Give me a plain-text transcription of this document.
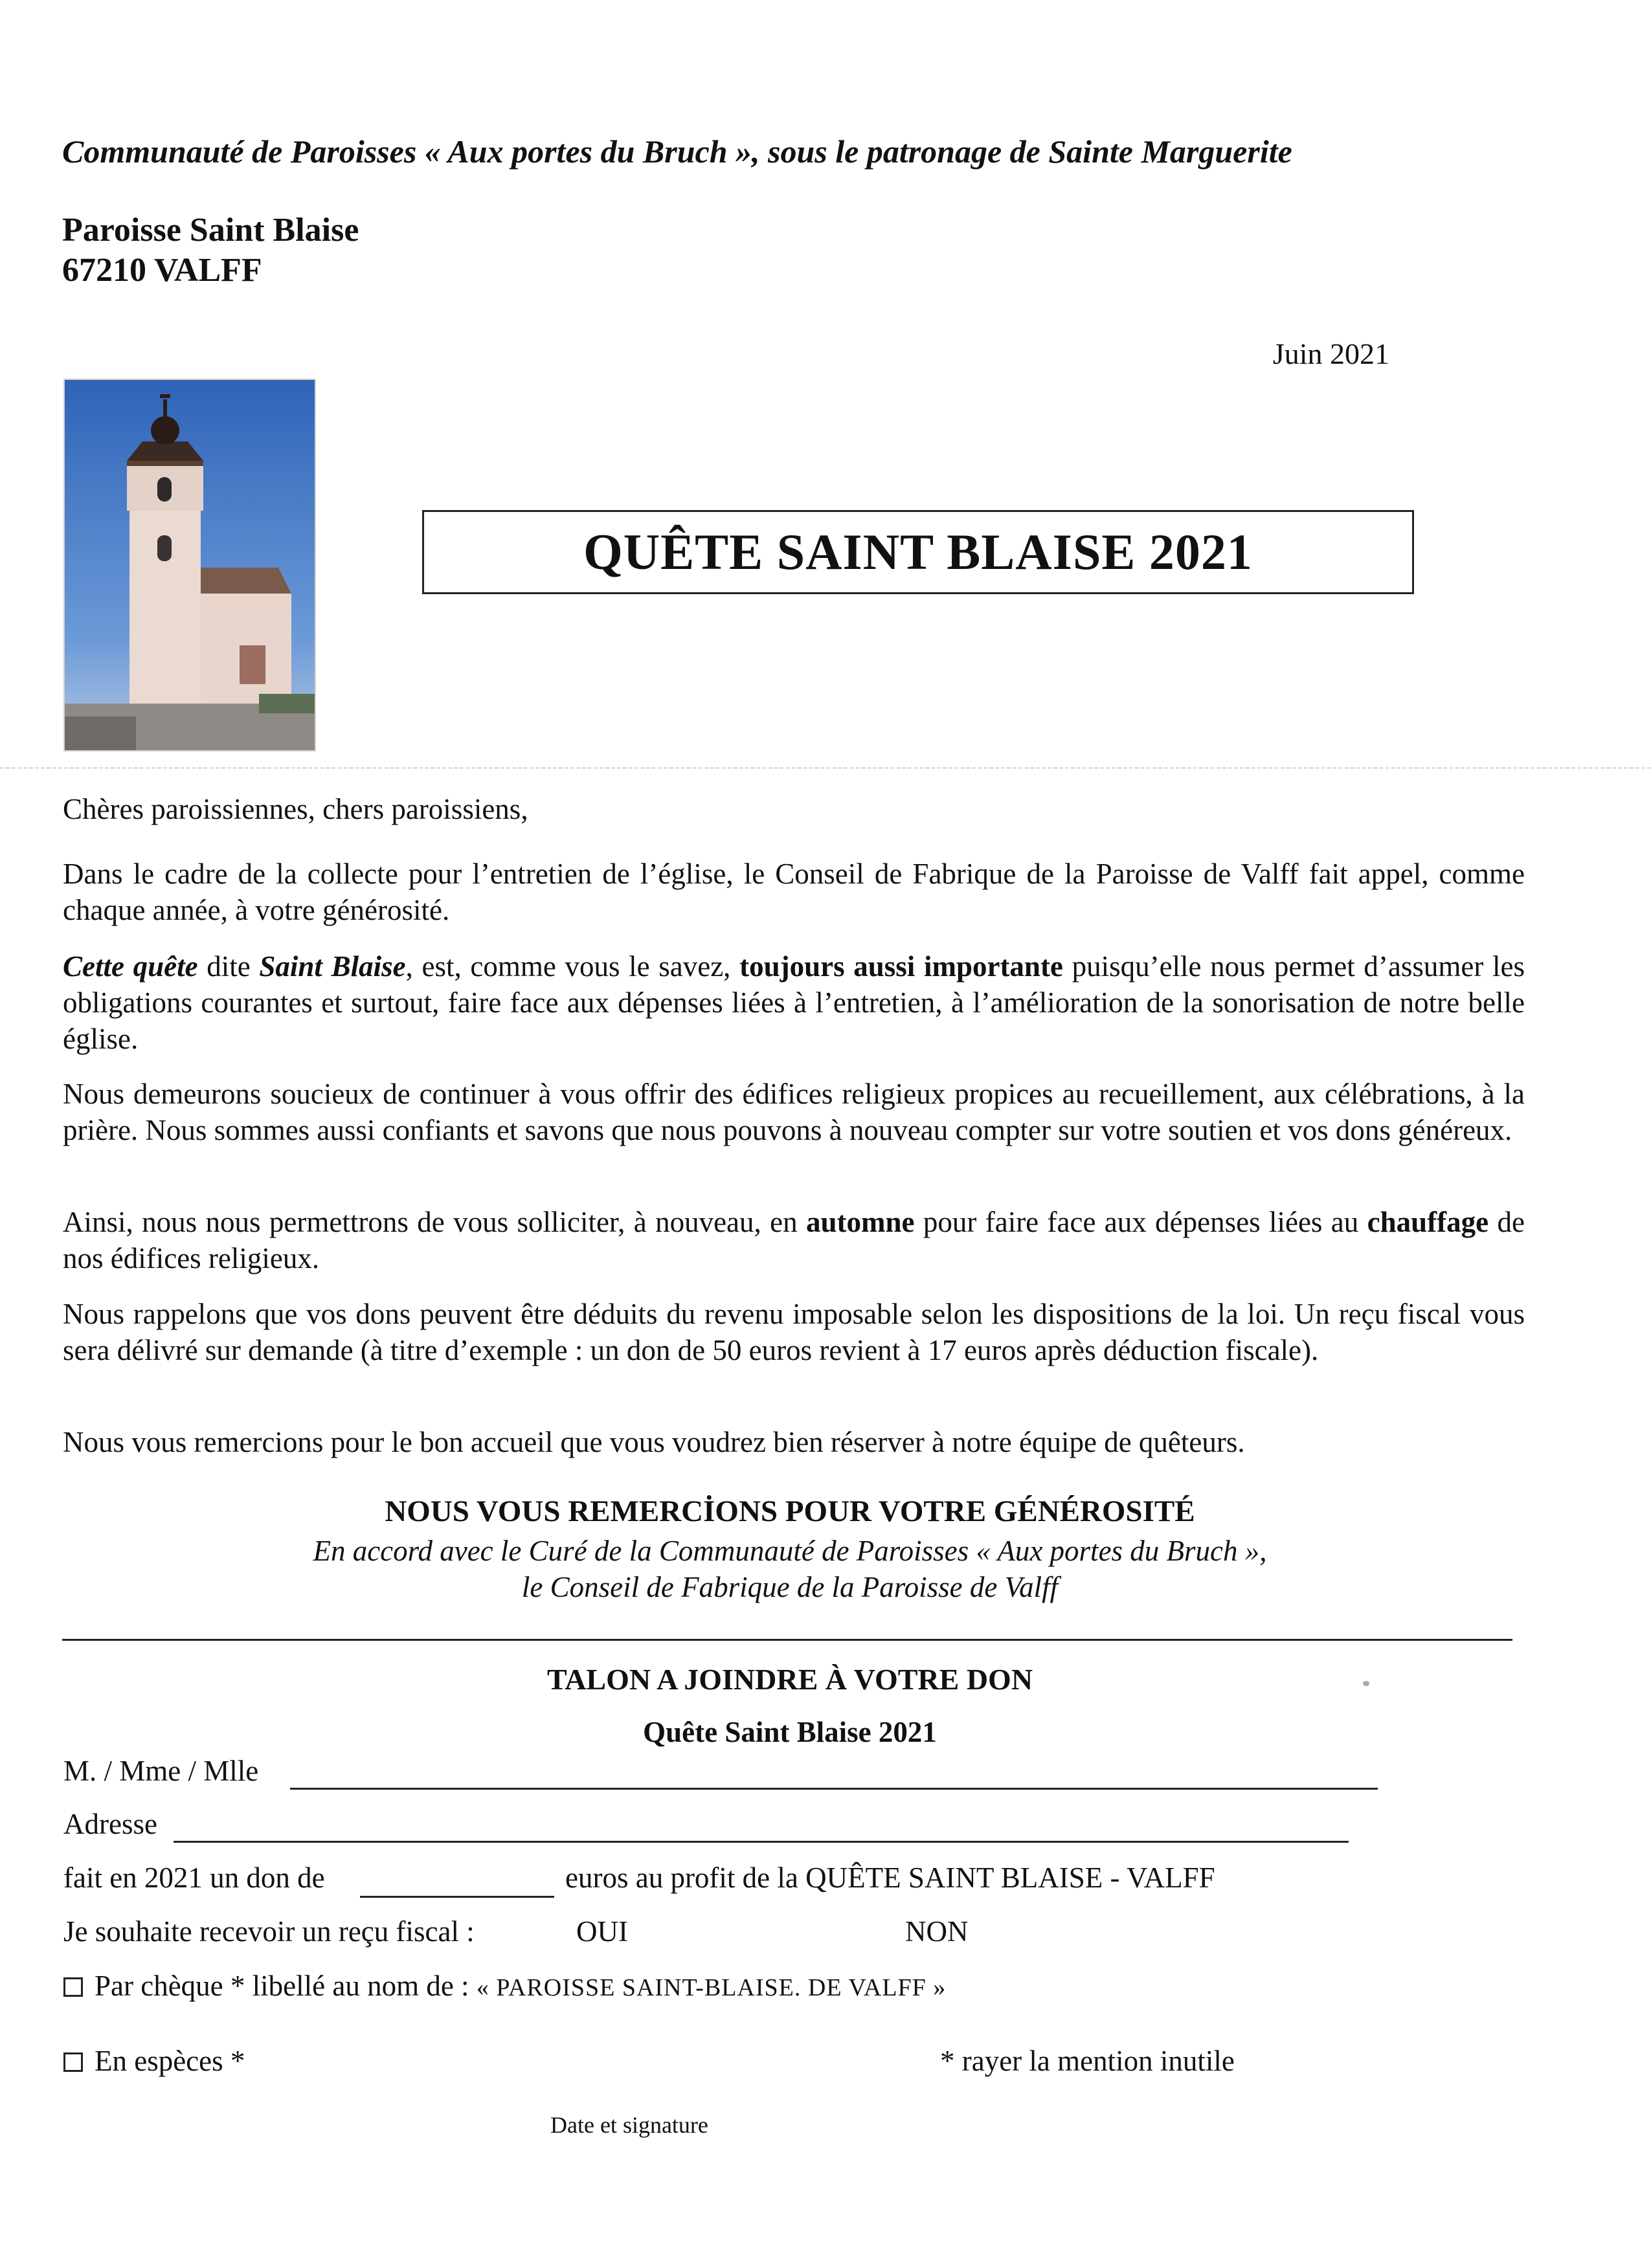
Communauté de Paroisses « Aux portes du Bruch », sous le patronage de Sainte Marguerite
Paroisse Saint Blaise
67210 VALFF
Juin 2021
QUÊTE SAINT BLAISE 2021
Chères paroissiennes, chers paroissiens,
Dans le cadre de la collecte pour l’entretien de l’église, le Conseil de Fabrique de la Paroisse de Valff fait appel, comme chaque année, à votre générosité.
Cette quête dite Saint Blaise, est, comme vous le savez, toujours aussi importante puisqu’elle nous permet d’assumer les obligations courantes et surtout, faire face aux dépenses liées à l’entretien, à l’amélioration de la sonorisation de notre belle église.
Nous demeurons soucieux de continuer à vous offrir des édifices religieux propices au recueillement, aux célébrations, à la prière. Nous sommes aussi confiants et savons que nous pouvons à nouveau compter sur votre soutien et vos dons généreux.
Ainsi, nous nous permettrons de vous solliciter, à nouveau, en automne pour faire face aux dépenses liées au chauffage de nos édifices religieux.
Nous rappelons que vos dons peuvent être déduits du revenu imposable selon les dispositions de la loi. Un reçu fiscal vous sera délivré sur demande (à titre d’exemple : un don de 50 euros revient à 17 euros après déduction fiscale).
Nous vous remercions pour le bon accueil que vous voudrez bien réserver à notre équipe de quêteurs.
NOUS VOUS REMERCİONS POUR VOTRE GÉNÉROSITÉ
En accord avec le Curé de la Communauté de Paroisses « Aux portes du Bruch »,
le Conseil de Fabrique de la Paroisse de Valff
TALON A JOINDRE À VOTRE DON
Quête Saint Blaise 2021
M. / Mme / Mlle
Adresse
fait en 2021 un don de	euros au profit de la QUÊTE SAINT BLAISE - VALFF
Je souhaite recevoir un reçu fiscal :	OUI	NON
Par chèque * libellé au nom de : « PAROISSE SAINT-BLAISE. DE VALFF »
En espèces *	* rayer la mention inutile
Date et signature
